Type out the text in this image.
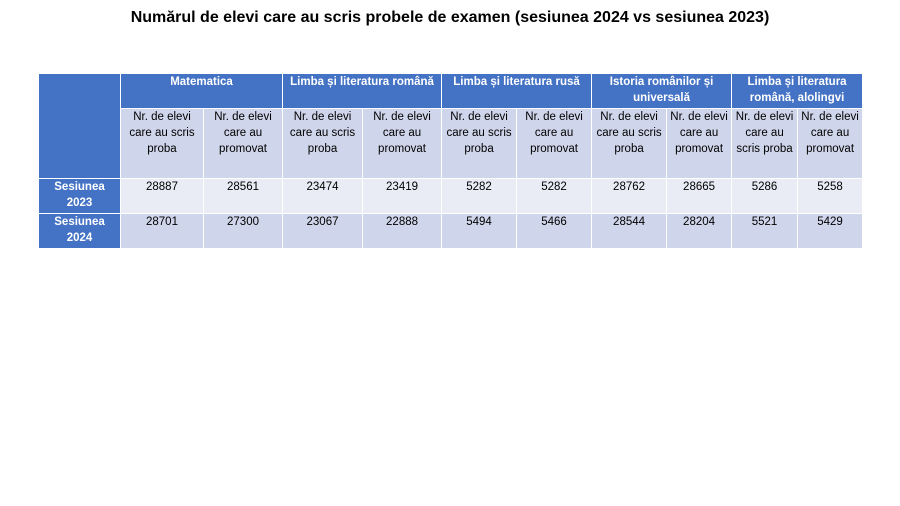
Numărul de elevi care au scris probele de examen (sesiunea 2024 vs sesiunea 2023)
	Matematica		Limba și literatura română		Limba și literatura rusă		Istoria românilor și universală		Limba și literatura română, alolingvi	
	Nr. de elevi care au scris proba	Nr. de elevi care au promovat	Nr. de elevi care au scris proba	Nr. de elevi care au promovat	Nr. de elevi care au scris proba	Nr. de elevi care au promovat	Nr. de elevi care au scris proba	Nr. de elevi care au promovat	Nr. de elevi care au scris proba	Nr. de elevi care au promovat
Sesiunea 2023	28887	28561	23474	23419	5282	5282	28762	28665	5286	5258
Sesiunea 2024	28701	27300	23067	22888	5494	5466	28544	28204	5521	5429
